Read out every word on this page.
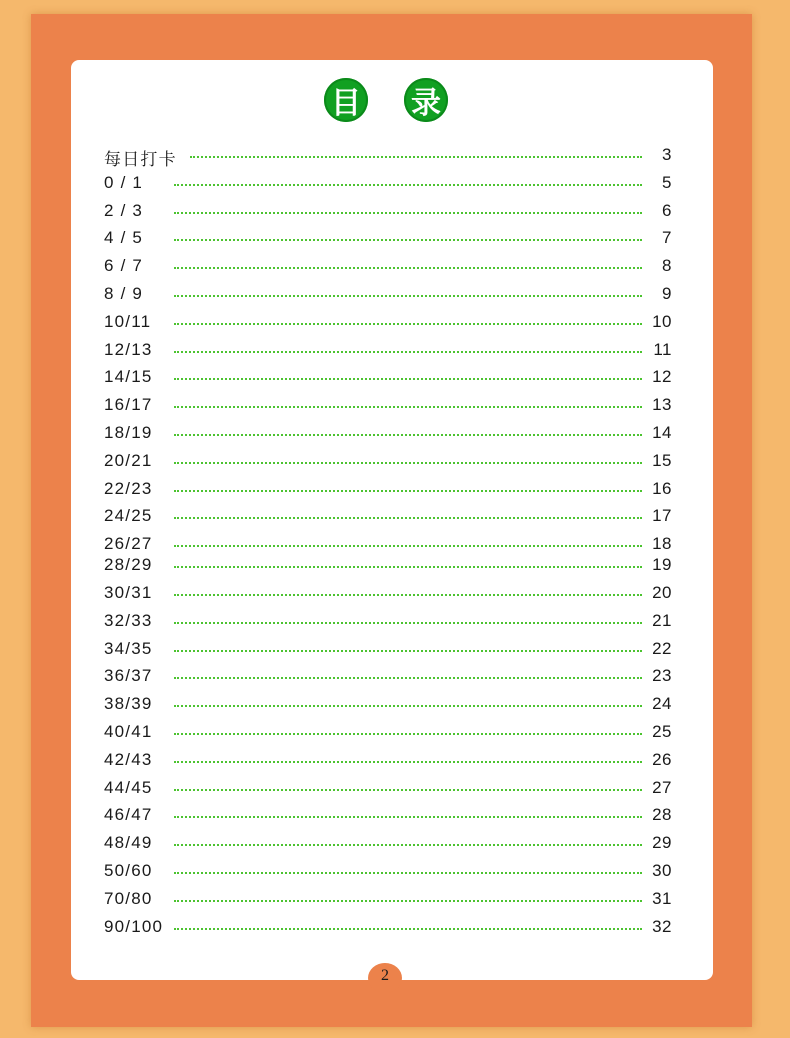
目 录
每日打卡	3
0 / 1	5
2 / 3	6
4 / 5	7
6 / 7	8
8 / 9	9
10/11	10
12/13	11
14/15	12
16/17	13
18/19	14
20/21	15
22/23	16
24/25	17
26/27	18
28/29	19
30/31	20
32/33	21
34/35	22
36/37	23
38/39	24
40/41	25
42/43	26
44/45	27
46/47	28
48/49	29
50/60	30
70/80	31
90/100	32
2
